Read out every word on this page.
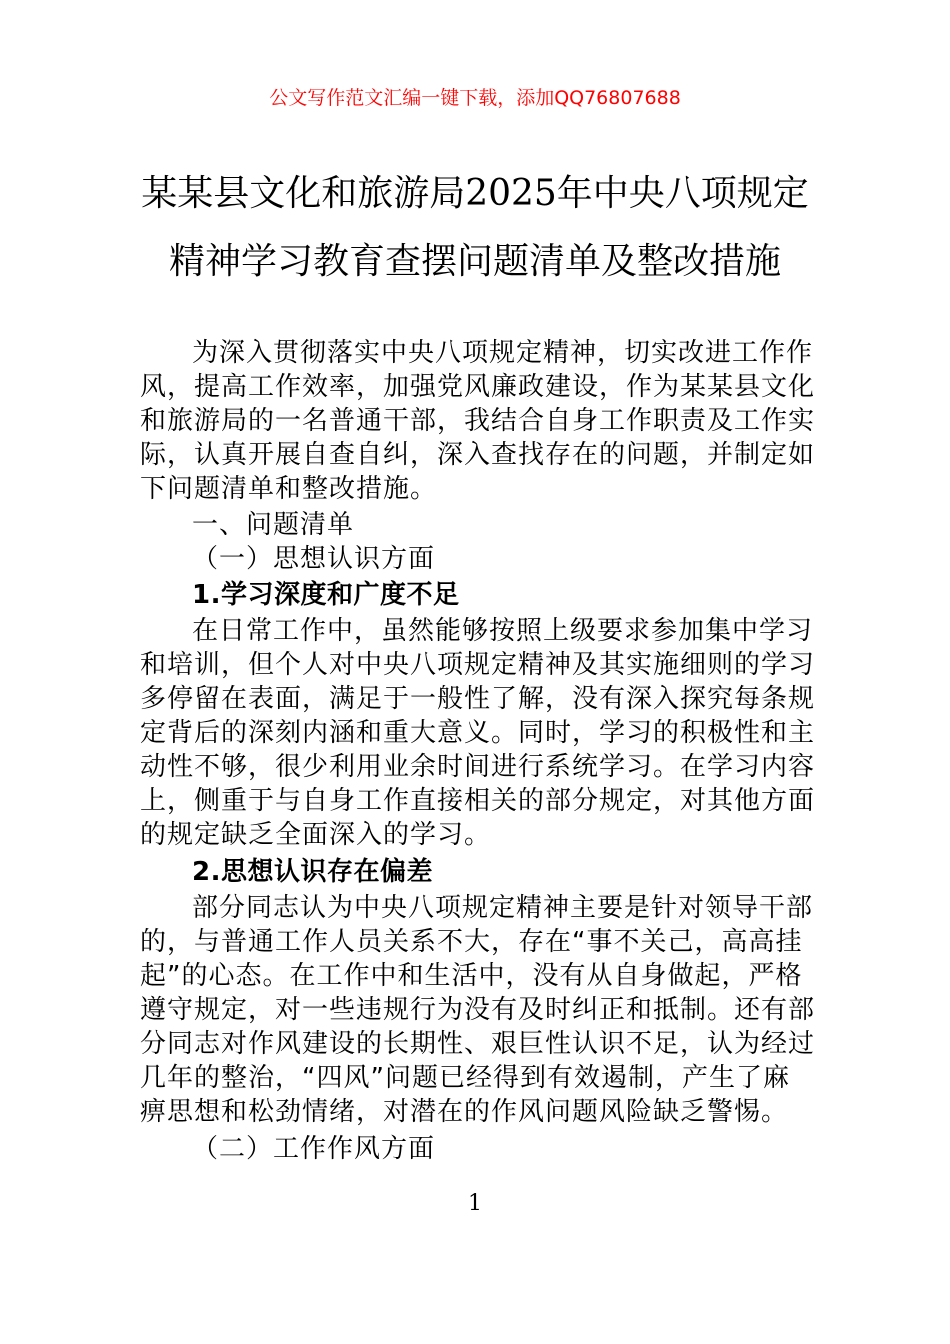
公文写作范文汇编一键下载，添加QQ76807688
某某县文化和旅游局2025年中央八项规定
精神学习教育查摆问题清单及整改措施
为深入贯彻落实中央八项规定精神，切实改进工作作
风，提高工作效率，加强党风廉政建设，作为某某县文化
和旅游局的一名普通干部，我结合自身工作职责及工作实
际，认真开展自查自纠，深入查找存在的问题，并制定如
下问题清单和整改措施。
一、问题清单
（一）思想认识方面
1.学习深度和广度不足
在日常工作中，虽然能够按照上级要求参加集中学习
和培训，但个人对中央八项规定精神及其实施细则的学习
多停留在表面，满足于一般性了解，没有深入探究每条规
定背后的深刻内涵和重大意义。同时，学习的积极性和主
动性不够，很少利用业余时间进行系统学习。在学习内容
上，侧重于与自身工作直接相关的部分规定，对其他方面
的规定缺乏全面深入的学习。
2.思想认识存在偏差
部分同志认为中央八项规定精神主要是针对领导干部
的，与普通工作人员关系不大，存在“事不关己，高高挂
起”的心态。在工作中和生活中，没有从自身做起，严格
遵守规定，对一些违规行为没有及时纠正和抵制。还有部
分同志对作风建设的长期性、艰巨性认识不足，认为经过
几年的整治，“四风”问题已经得到有效遏制，产生了麻
痹思想和松劲情绪，对潜在的作风问题风险缺乏警惕。
（二）工作作风方面
1
